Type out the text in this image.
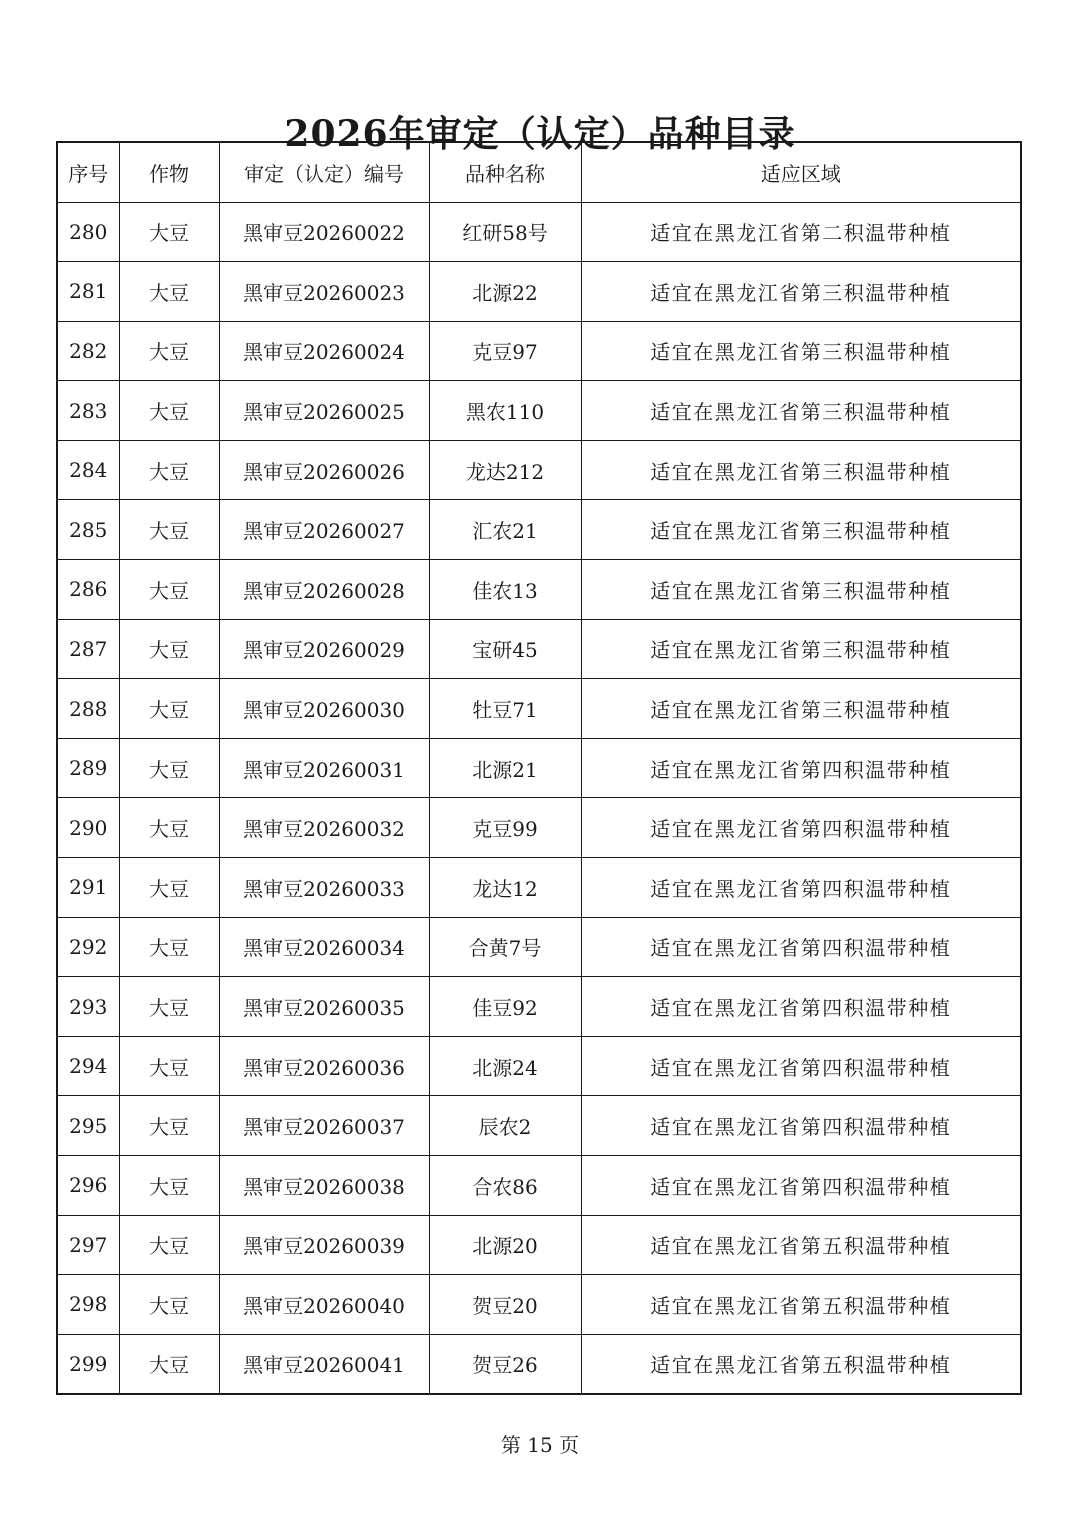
2026年审定（认定）品种目录
序号	作物	审定（认定）编号	品种名称	适应区域
280	大豆	黑审豆20260022	红研58号	适宜在黑龙江省第二积温带种植
281	大豆	黑审豆20260023	北源22	适宜在黑龙江省第三积温带种植
282	大豆	黑审豆20260024	克豆97	适宜在黑龙江省第三积温带种植
283	大豆	黑审豆20260025	黑农110	适宜在黑龙江省第三积温带种植
284	大豆	黑审豆20260026	龙达212	适宜在黑龙江省第三积温带种植
285	大豆	黑审豆20260027	汇农21	适宜在黑龙江省第三积温带种植
286	大豆	黑审豆20260028	佳农13	适宜在黑龙江省第三积温带种植
287	大豆	黑审豆20260029	宝研45	适宜在黑龙江省第三积温带种植
288	大豆	黑审豆20260030	牡豆71	适宜在黑龙江省第三积温带种植
289	大豆	黑审豆20260031	北源21	适宜在黑龙江省第四积温带种植
290	大豆	黑审豆20260032	克豆99	适宜在黑龙江省第四积温带种植
291	大豆	黑审豆20260033	龙达12	适宜在黑龙江省第四积温带种植
292	大豆	黑审豆20260034	合黄7号	适宜在黑龙江省第四积温带种植
293	大豆	黑审豆20260035	佳豆92	适宜在黑龙江省第四积温带种植
294	大豆	黑审豆20260036	北源24	适宜在黑龙江省第四积温带种植
295	大豆	黑审豆20260037	辰农2	适宜在黑龙江省第四积温带种植
296	大豆	黑审豆20260038	合农86	适宜在黑龙江省第四积温带种植
297	大豆	黑审豆20260039	北源20	适宜在黑龙江省第五积温带种植
298	大豆	黑审豆20260040	贺豆20	适宜在黑龙江省第五积温带种植
299	大豆	黑审豆20260041	贺豆26	适宜在黑龙江省第五积温带种植
第 15 页
